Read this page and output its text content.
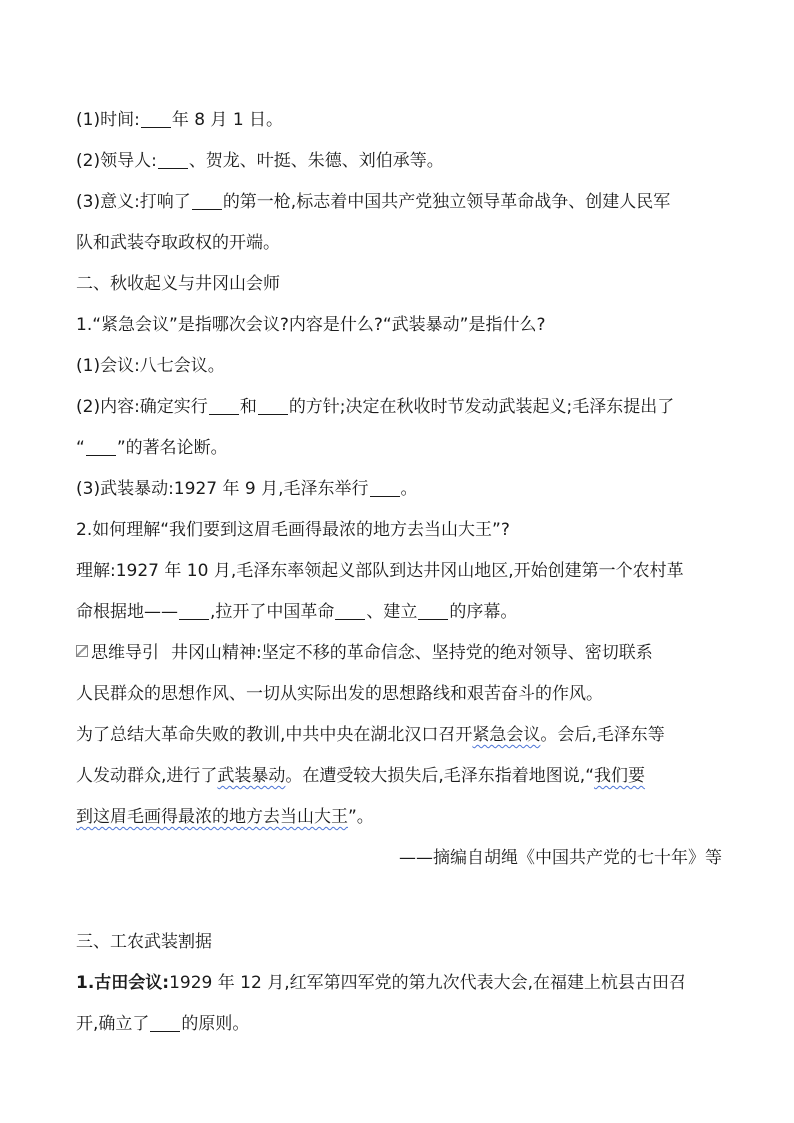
(1)时间: 年 8 月 1 日。
(2)领导人: 、贺龙、叶挺、朱德、刘伯承等。
(3)意义:打响了 的第一枪,标志着中国共产党独立领导革命战争、创建人民军
队和武装夺取政权的开端。
二、秋收起义与井冈山会师
1.“紧急会议”是指哪次会议?内容是什么?“武装暴动”是指什么?
(1)会议:八七会议。
(2)内容:确定实行 和 的方针;决定在秋收时节发动武装起义;毛泽东提出了
“ ”的著名论断。
(3)武装暴动:1927 年 9 月,毛泽东举行 。
2.如何理解“我们要到这眉毛画得最浓的地方去当山大王”?
理解:1927 年 10 月,毛泽东率领起义部队到达井冈山地区,开始创建第一个农村革
命根据地—— ,拉开了中国革命 、建立 的序幕。
思维导引 井冈山精神:坚定不移的革命信念、坚持党的绝对领导、密切联系
人民群众的思想作风、一切从实际出发的思想路线和艰苦奋斗的作风。
为了总结大革命失败的教训,中共中央在湖北汉口召开紧急会议。会后,毛泽东等
人发动群众,进行了武装暴动。在遭受较大损失后,毛泽东指着地图说,“我们要
到这眉毛画得最浓的地方去当山大王”。
——摘编自胡绳《中国共产党的七十年》等
三、工农武装割据
1.古田会议:1929 年 12 月,红军第四军党的第九次代表大会,在福建上杭县古田召
开,确立了 的原则。
